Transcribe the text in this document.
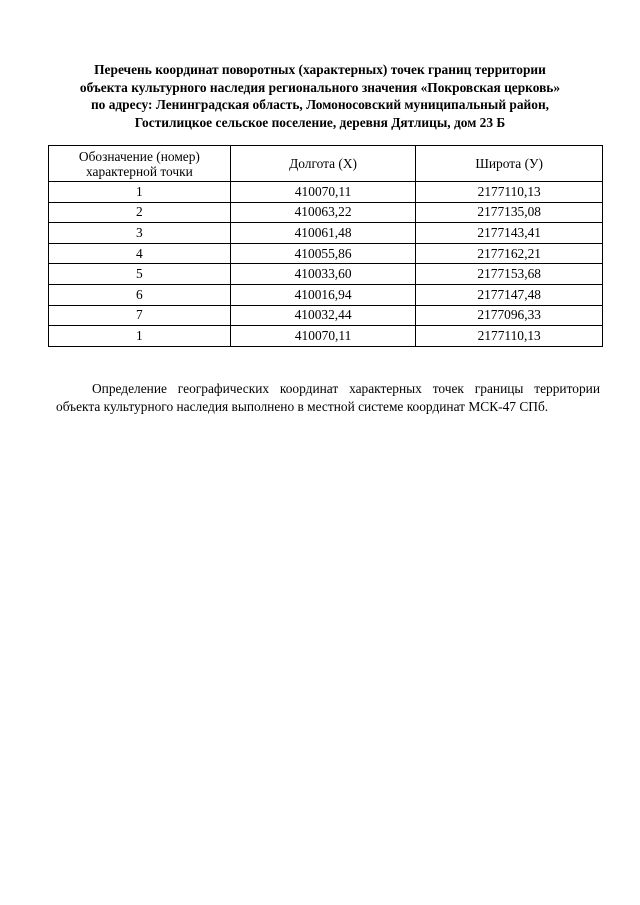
Перечень координат поворотных (характерных) точек границ территории
объекта культурного наследия регионального значения «Покровская церковь»
по адресу: Ленинградская область, Ломоносовский муниципальный район,
Гостилицкое сельское поселение, деревня Дятлицы, дом 23 Б
Обозначение (номер)
характерной точки	Долгота (Х)	Широта (У)
1	410070,11	2177110,13
2	410063,22	2177135,08
3	410061,48	2177143,41
4	410055,86	2177162,21
5	410033,60	2177153,68
6	410016,94	2177147,48
7	410032,44	2177096,33
1	410070,11	2177110,13

Определение географических координат характерных точек границы территории объекта культурного наследия выполнено в местной системе координат МСК-47 СПб.
